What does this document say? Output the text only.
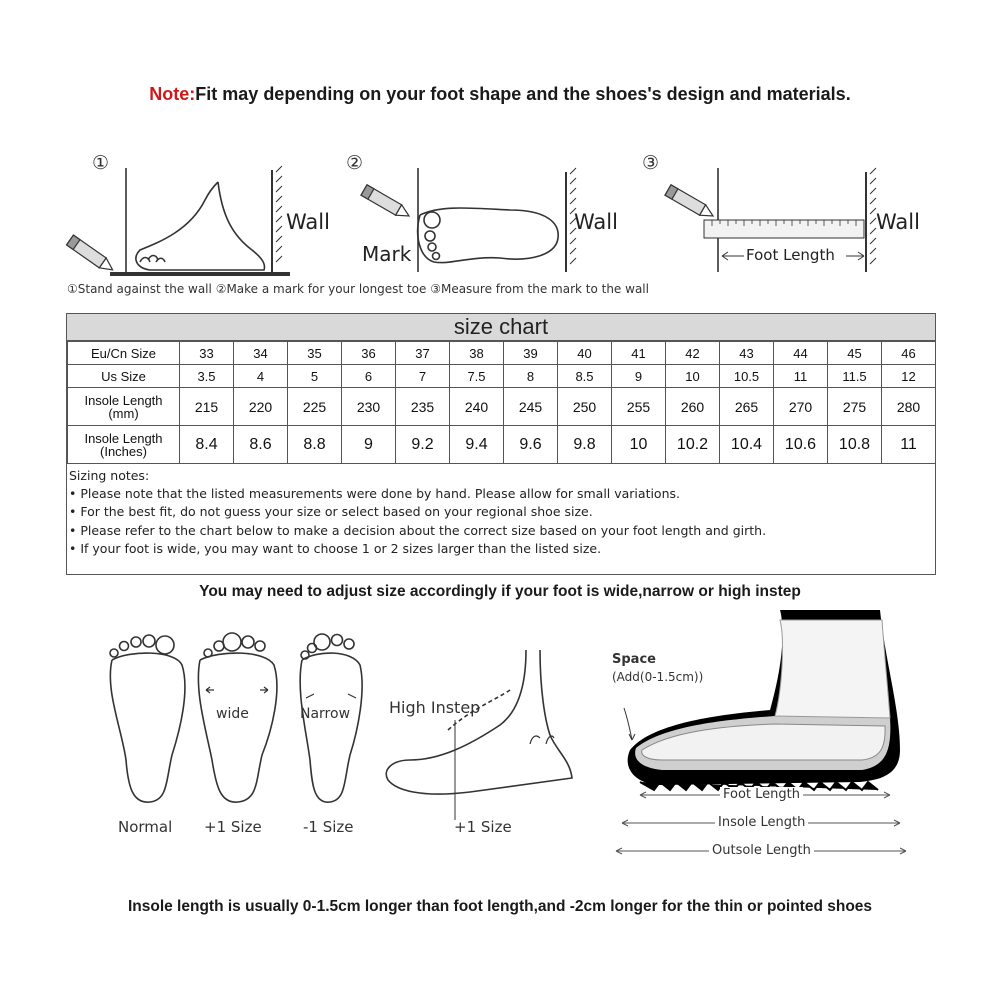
Note:Fit may depending on your foot shape and the shoes's design and materials.
①	②	③
Wall	Wall
Mark
Wall
Foot Length
①Stand against the wall ②Make a mark for your longest toe ③Measure from the mark to the wall
size chart
Eu/Cn Size	33	34	35	36	37	38	39	40	41	42	43	44	45	46
Us Size	3.5	4	5	6	7	7.5	8	8.5	9	10	10.5	11	11.5	12
Insole Length (mm)	215	220	225	230	235	240	245	250	255	260	265	270	275	280
Insole Length (Inches)	8.4	8.6	8.8	9	9.2	9.4	9.6	9.8	10	10.2	10.4	10.6	10.8	11
Sizing notes:
• Please note that the listed measurements were done by hand. Please allow for small variations.
• For the best fit, do not guess your size or select based on your regional shoe size.
• Please refer to the chart below to make a decision about the correct size based on your foot length and girth.
• If your foot is wide, you may want to choose 1 or 2 sizes larger than the listed size.
You may need to adjust size accordingly if your foot is wide,narrow or high instep
wide	Narrow High Instep
Normal +1 Size	-1 Size	+1 Size
Space
(Add(0-1.5cm))
Foot Length
Insole Length
Outsole Length
Insole length is usually 0-1.5cm longer than foot length,and -2cm longer for the thin or pointed shoes
